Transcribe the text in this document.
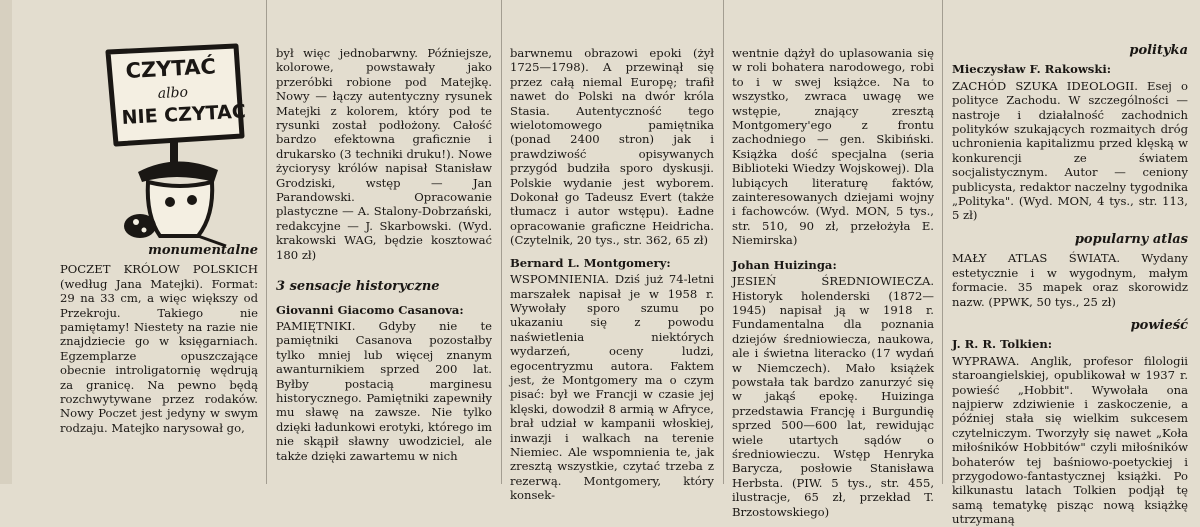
CZYTAĆ
albo
NIE CZYTAĆ
monumentalne

POCZET KRÓLOW POLSKICH (według Jana Matejki). Format: 29 na 33 cm, a więc większy od Przekroju. Takiego nie pamiętamy! Niestety na razie nie znajdziecie go w księgarniach. Egzemplarze opuszczające obecnie introligatornię wędrują za granicę. Na pewno będą rozchwytywane przez rodaków. Nowy Poczet jest jedyny w swym rodzaju. Matejko narysował go,

był więc jednobarwny. Późniejsze, kolorowe, powstawały jako przeróbki robione pod Matejkę. Nowy — łączy autentyczny rysunek Matejki z kolorem, który pod te rysunki został podłożony. Całość bardzo efektowna graficznie i drukarsko (3 techniki druku!). Nowe życiorysy królów napisał Stanisław Grodziski, wstęp — Jan Parandowski. Opracowanie plastyczne — A. Stalony-Dobrzański, redakcyjne — J. Skarbowski. (Wyd. krakowski WAG, będzie kosztować 180 zł)

3 sensacje historyczne

Giovanni Giacomo Casanova:

PAMIĘTNIKI. Gdyby nie te pamiętniki Casanova pozostałby tylko mniej lub więcej znanym awanturnikiem sprzed 200 lat. Byłby postacią marginesu historycznego. Pamiętniki zapewniły mu sławę na zawsze. Nie tylko dzięki ładunkowi erotyki, którego im nie skąpił sławny uwodziciel, ale także dzięki zawartemu w nich

barwnemu obrazowi epoki (żył 1725—1798). A przewinął się przez całą niemal Europę; trafił nawet do Polski na dwór króla Stasia. Autentyczność tego wielotomowego pamiętnika (ponad 2400 stron) jak i prawdziwość opisywanych przygód budziła sporo dyskusji. Polskie wydanie jest wyborem. Dokonał go Tadeusz Evert (także tłumacz i autor wstępu). Ładne opracowanie graficzne Heidricha. (Czytelnik, 20 tys., str. 362, 65 zł)

Bernard L. Montgomery:

WSPOMNIENIA. Dziś już 74-letni marszałek napisał je w 1958 r. Wywołały sporo szumu po ukazaniu się z powodu naświetlenia niektórych wydarzeń, oceny ludzi, egocentryzmu autora. Faktem jest, że Montgomery ma o czym pisać: był we Francji w czasie jej klęski, dowodził 8 armią w Afryce, brał udział w kampanii włoskiej, inwazji i walkach na terenie Niemiec. Ale wspomnienia te, jak zresztą wszystkie, czytać trzeba z rezerwą. Montgomery, który konsek-

wentnie dążył do uplasowania się w roli bohatera narodowego, robi to i w swej książce. Na to wszystko, zwraca uwagę we wstępie, znający zresztą Montgomery'ego z frontu zachodniego — gen. Skibiński. Książka dość specjalna (seria Biblioteki Wiedzy Wojskowej). Dla lubiących literaturę faktów, zainteresowanych dziejami wojny i fachowców. (Wyd. MON, 5 tys., str. 510, 90 zł, przełożyła E. Niemirska)

Johan Huizinga:

JESIEŃ ŚREDNIOWIECZA. Historyk holenderski (1872—1945) napisał ją w 1918 r. Fundamentalna dla poznania dziejów średniowiecza, naukowa, ale i świetna literacko (17 wydań w Niemczech). Mało książek powstała tak bardzo zanurzyć się w jakąś epokę. Huizinga przedstawia Francję i Burgundię sprzed 500—600 lat, rewidując wiele utartych sądów o średniowieczu. Wstęp Henryka Barycza, posłowie Stanisława Herbsta. (PIW. 5 tys., str. 455, ilustracje, 65 zł, przekład T. Brzostowskiego)

polityka

Mieczysław F. Rakowski:

ZACHÓD SZUKA IDEOLOGII. Esej o polityce Zachodu. W szczególności — nastroje i działalność zachodnich polityków szukających rozmaitych dróg uchronienia kapitalizmu przed klęską w konkurencji ze światem socjalistycznym. Autor — ceniony publicysta, redaktor naczelny tygodnika „Polityka". (Wyd. MON, 4 tys., str. 113, 5 zł)

popularny atlas

MAŁY ATLAS ŚWIATA. Wydany estetycznie i w wygodnym, małym formacie. 35 mapek oraz skorowidz nazw. (PPWK, 50 tys., 25 zł)

powieść

J. R. R. Tolkien:

WYPRAWA. Anglik, profesor filologii staroangielskiej, opublikował w 1937 r. powieść „Hobbit". Wywołała ona najpierw zdziwienie i zaskoczenie, a później stała się wielkim sukcesem czytelniczym. Tworzyły się nawet „Koła miłośników Hobbitów" czyli miłośników bohaterów tej baśniowo-poetyckiej i przygodowo-fantastycznej książki. Po kilkunastu latach Tolkien podjął tę samą tematykę pisząc nową książkę utrzymaną
